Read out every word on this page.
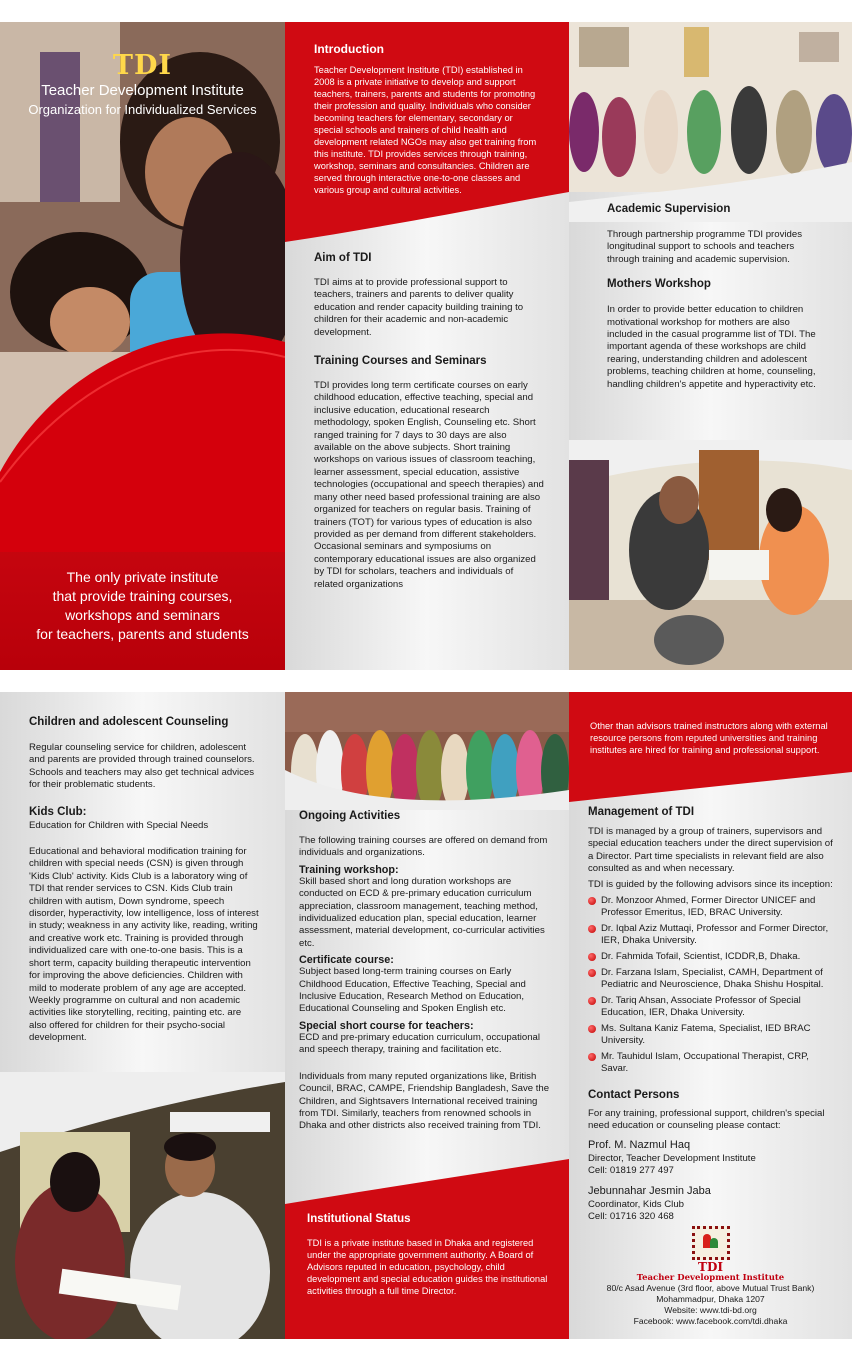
TDI
Teacher Development Institute
Organization for Individualized Services
The only private institute
that provide training courses,
workshops and seminars
for teachers, parents and students
Introduction

Teacher Development Institute (TDI) established in 2008 is a private initiative to develop and support teachers, trainers, parents and students for promoting their profession and quality. Individuals who consider becoming teachers for elementary, secondary or special schools and trainers of child health and development related NGOs may also get training from this institute. TDI provides services through training, workshop, seminars and consultancies. Children are served through interactive one-to-one classes and various group and cultural activities.

Aim of TDI

TDI aims at to provide professional support to teachers, trainers and parents to deliver quality education and render capacity building training to children for their academic and non-academic development.

Training Courses and Seminars

TDI provides long term certificate courses on early childhood education, effective teaching, special and inclusive education, educational research methodology, spoken English, Counseling etc. Short ranged training for 7 days to 30 days are also available on the above subjects. Short training workshops on various issues of classroom teaching, learner assessment, special education, assistive technologies (occupational and speech therapies) and many other need based professional training are also organized for teachers on regular basis. Training of trainers (TOT) for various types of education is also provided as per demand from different stakeholders. Occasional seminars and symposiums on contemporary educational issues are also organized by TDI for scholars, teachers and individuals of related organizations

Academic Supervision

Through partnership programme TDI provides longitudinal support to schools and teachers through training and academic supervision.

Mothers Workshop

In order to provide better education to children motivational workshop for mothers are also included in the casual programme list of TDI. The important agenda of these workshops are child rearing, understanding children and adolescent problems, teaching children at home, counseling, handling children's appetite and hyperactivity etc.

Children and adolescent Counseling

Regular counseling service for children, adolescent and parents are provided through trained counselors. Schools and teachers may also get technical advices for their problematic students.

Kids Club:

Education for Children with Special Needs

Educational and behavioral modification training for children with special needs (CSN) is given through 'Kids Club' activity. Kids Club is a laboratory wing of TDI that render services to CSN. Kids Club train children with autism, Down syndrome, speech disorder, hyperactivity, low intelligence, loss of interest in study; weakness in any activity like, reading, writing and creative work etc. Training is provided through individualized care with one-to-one basis. This is a short term, capacity building therapeutic intervention for improving the above deficiencies. Children with mild to moderate problem of any age are accepted. Weekly programme on cultural and non academic activities like storytelling, reciting, painting etc. are also offered for children for their psycho-social development.

Ongoing Activities

The following training courses are offered on demand from individuals and organizations.

Training workshop:

Skill based short and long duration workshops are conducted on ECD & pre-primary education curriculum appreciation, classroom management, teaching method, individualized education plan, special education, learner assessment, material development, co-curricular activities etc.

Certificate course:

Subject based long-term training courses on Early Childhood Education, Effective Teaching, Special and Inclusive Education, Research Method on Education, Educational Counseling and Spoken English etc.

Special short course for teachers:

ECD and pre-primary education curriculum, occupational and speech therapy, training and facilitation etc.

Individuals from many reputed organizations like, British Council, BRAC, CAMPE, Friendship Bangladesh, Save the Children, and Sightsavers International received training from TDI. Similarly, teachers from renowned schools in Dhaka and other districts also received training from TDI.

Institutional Status

TDI is a private institute based in Dhaka and registered under the appropriate government authority. A Board of Advisors reputed in education, psychology, child development and special education guides the institutional activities through a full time Director.

Other than advisors trained instructors along with external resource persons from reputed universities and training institutes are hired for training and professional support.

Management of TDI

TDI is managed by a group of trainers, supervisors and special education teachers under the direct supervision of a Director. Part time specialists in relevant field are also consulted as and when necessary.

TDI is guided by the following advisors since its inception:

Dr. Monzoor Ahmed, Former Director UNICEF and Professor Emeritus, IED, BRAC University.
Dr. Iqbal Aziz Muttaqi, Professor and Former Director, IER, Dhaka University.
Dr. Fahmida Tofail, Scientist, ICDDR,B, Dhaka.
Dr. Farzana Islam, Specialist, CAMH, Department of Pediatric and Neuroscience, Dhaka Shishu Hospital.
Dr. Tariq Ahsan, Associate Professor of Special Education, IER, Dhaka University.
Ms. Sultana Kaniz Fatema, Specialist, IED BRAC University.
Mr. Tauhidul Islam, Occupational Therapist, CRP, Savar.
Contact Persons

For any training, professional support, children's special need education or counseling please contact:

Prof. M. Nazmul Haq
Director, Teacher Development Institute
Cell: 01819 277 497
Jebunnahar Jesmin Jaba
Coordinator, Kids Club
Cell: 01716 320 468
TDI
Teacher Development Institute
80/c Asad Avenue (3rd floor, above Mutual Trust Bank)
Mohammadpur, Dhaka 1207
Website: www.tdi-bd.org
Facebook: www.facebook.com/tdi.dhaka
